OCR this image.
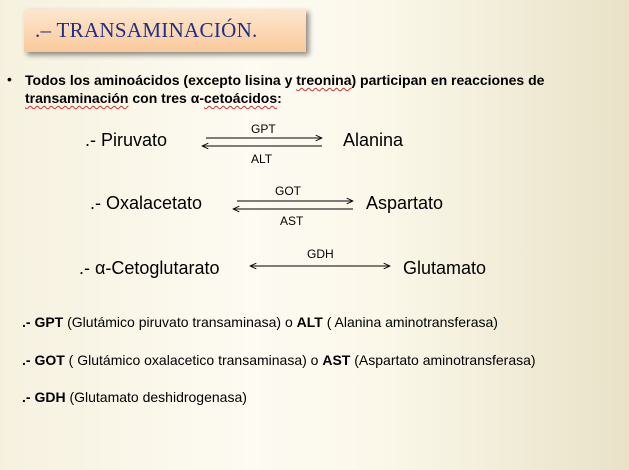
.– TRANSAMINACIÓN.
• Todos los aminoácidos (excepto lisina y treonina) participan en reacciones de
transaminación con tres α-cetoácidos:
.- Piruvato
GPT
ALT
Alanina
.- Oxalacetato
GOT
AST
Aspartato
.- α-Cetoglutarato
GDH
Glutamato
.- GPT (Glutámico piruvato transaminasa) o ALT ( Alanina aminotransferasa)
.- GOT ( Glutámico oxalacetico transaminasa) o AST (Aspartato aminotransferasa)
.- GDH (Glutamato deshidrogenasa)
